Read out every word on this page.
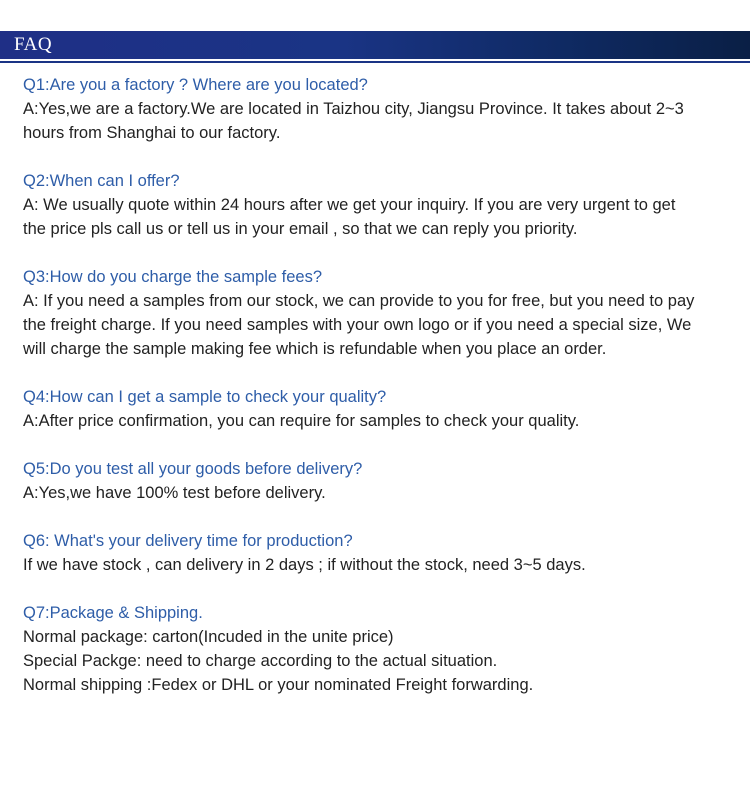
FAQ
Q1:Are you a factory ? Where are you located?
A:Yes,we are a factory.We are located in Taizhou city, Jiangsu Province. It takes about 2~3
hours from Shanghai to our factory.
Q2:When can I offer?
A: We usually quote within 24 hours after we get your inquiry. If you are very urgent to get
the price pls call us or tell us in your email , so that we can reply you priority.
Q3:How do you charge the sample fees?
A: If you need a samples from our stock, we can provide to you for free, but you need to pay
the freight charge. If you need samples with your own logo or if you need a special size, We
will charge the sample making fee which is refundable when you place an order.
Q4:How can I get a sample to check your quality?
A:After price confirmation, you can require for samples to check your quality.
Q5:Do you test all your goods before delivery?
A:Yes,we have 100% test before delivery.
Q6: What's your delivery time for production?
If we have stock , can delivery in 2 days ; if without the stock, need 3~5 days.
Q7:Package & Shipping.
Normal package: carton(Incuded in the unite price)
Special Packge: need to charge according to the actual situation.
Normal shipping :Fedex or DHL or your nominated Freight forwarding.
